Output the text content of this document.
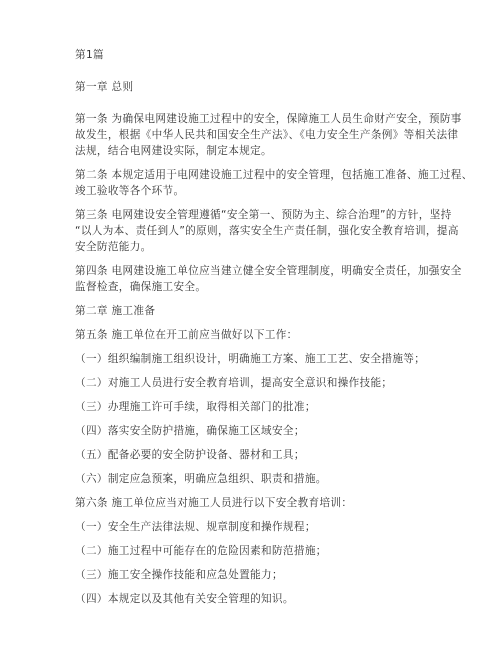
第1篇
第一章 总则
第一条 为确保电网建设施工过程中的安全，保障施工人员生命财产安全，预防事
故发生，根据《中华人民共和国安全生产法》、《电力安全生产条例》等相关法律
法规，结合电网建设实际，制定本规定。
第二条 本规定适用于电网建设施工过程中的安全管理，包括施工准备、施工过程、
竣工验收等各个环节。
第三条 电网建设安全管理遵循“安全第一、预防为主、综合治理”的方针，坚持
“以人为本、责任到人”的原则，落实安全生产责任制，强化安全教育培训，提高
安全防范能力。
第四条 电网建设施工单位应当建立健全安全管理制度，明确安全责任，加强安全
监督检查，确保施工安全。
第二章 施工准备
第五条 施工单位在开工前应当做好以下工作：
（一）组织编制施工组织设计，明确施工方案、施工工艺、安全措施等；
（二）对施工人员进行安全教育培训，提高安全意识和操作技能；
（三）办理施工许可手续，取得相关部门的批准；
（四）落实安全防护措施，确保施工区域安全；
（五）配备必要的安全防护设备、器材和工具；
（六）制定应急预案，明确应急组织、职责和措施。
第六条 施工单位应当对施工人员进行以下安全教育培训：
（一）安全生产法律法规、规章制度和操作规程；
（二）施工过程中可能存在的危险因素和防范措施；
（三）施工安全操作技能和应急处置能力；
（四）本规定以及其他有关安全管理的知识。
